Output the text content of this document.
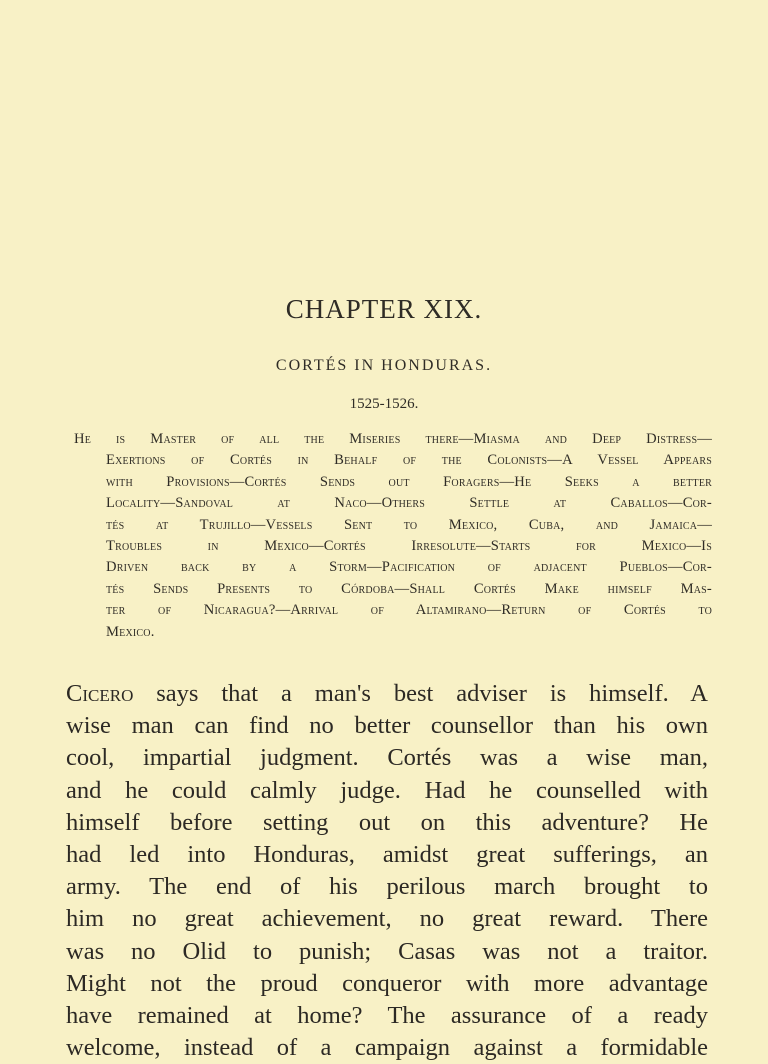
CHAPTER XIX.
CORTÉS IN HONDURAS.
1525-1526.
He is Master of all the Miseries there—Miasma and Deep Distress—
Exertions of Cortés in Behalf of the Colonists—A Vessel Appears
with Provisions—Cortés Sends out Foragers—He Seeks a better
Locality—Sandoval at Naco—Others Settle at Caballos—Cor-
tés at Trujillo—Vessels Sent to Mexico, Cuba, and Jamaica—
Troubles in Mexico—Cortés Irresolute—Starts for Mexico—Is
Driven back by a Storm—Pacification of adjacent Pueblos—Cor-
tés Sends Presents to Córdoba—Shall Cortés Make himself Mas-
ter of Nicaragua?—Arrival of Altamirano—Return of Cortés to
Mexico.
Cicero says that a man's best adviser is himself. A
wise man can find no better counsellor than his own
cool, impartial judgment. Cortés was a wise man,
and he could calmly judge. Had he counselled with
himself before setting out on this adventure? He
had led into Honduras, amidst great sufferings, an
army. The end of his perilous march brought to
him no great achievement, no great reward. There
was no Olid to punish; Casas was not a traitor.
Might not the proud conqueror with more advantage
have remained at home? The assurance of a ready
welcome, instead of a campaign against a formidable
